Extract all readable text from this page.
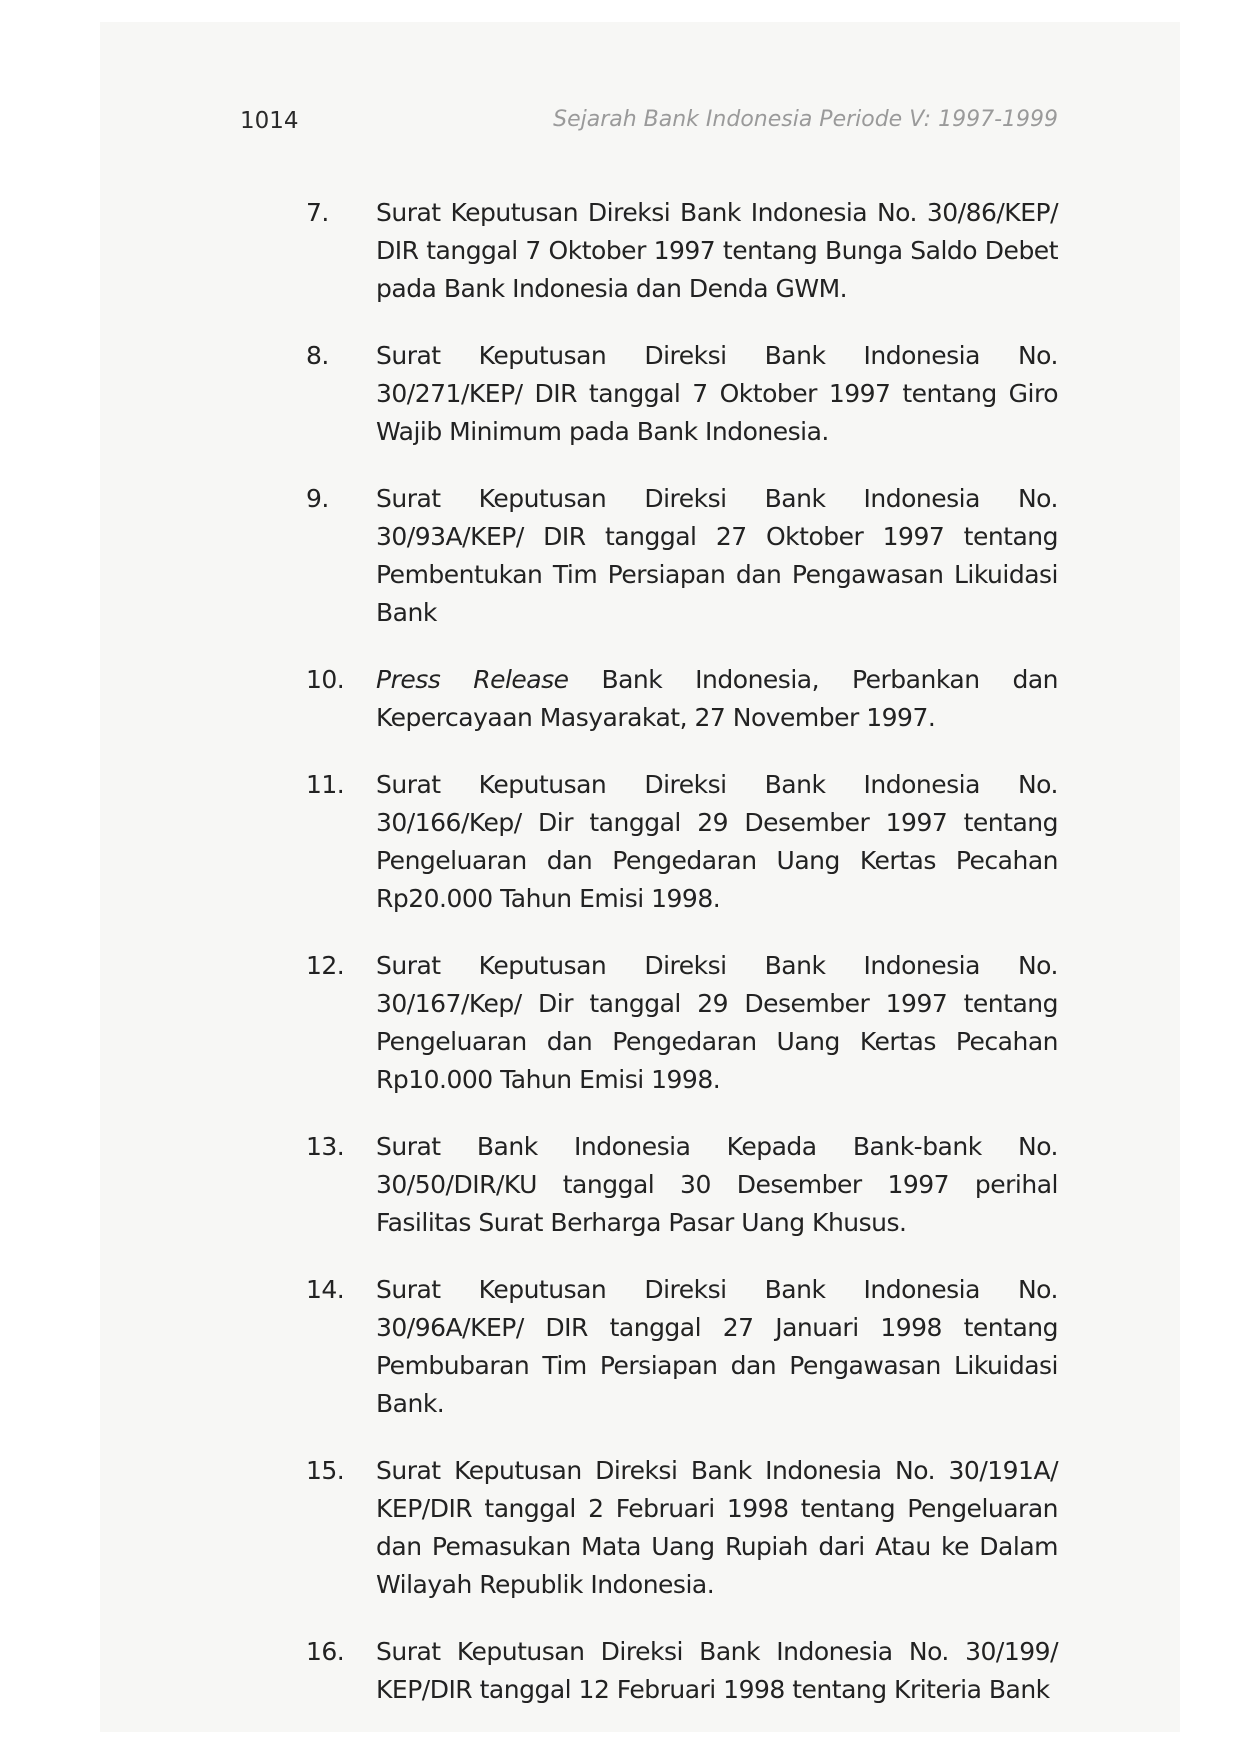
1014	Sejarah Bank Indonesia Periode V: 1997-1999
7.	Surat Keputusan Direksi Bank Indonesia No. 30/86/KEP/ DIR tanggal 7 Oktober 1997 tentang Bunga Saldo Debet pada Bank Indonesia dan Denda GWM.
8.	Surat Keputusan Direksi Bank Indonesia No. 30/271/KEP/ DIR tanggal 7 Oktober 1997 tentang Giro Wajib Minimum pada Bank Indonesia.
9.	Surat Keputusan Direksi Bank Indonesia No. 30/93A/KEP/ DIR tanggal 27 Oktober 1997 tentang Pembentukan Tim Persiapan dan Pengawasan Likuidasi Bank
10.	Press Release Bank Indonesia, Perbankan dan Kepercayaan Masyarakat, 27 November 1997.
11.	Surat Keputusan Direksi Bank Indonesia No. 30/166/Kep/ Dir tanggal 29 Desember 1997 tentang Pengeluaran dan Pengedaran Uang Kertas Pecahan Rp20.000 Tahun Emisi 1998.
12.	Surat Keputusan Direksi Bank Indonesia No. 30/167/Kep/ Dir tanggal 29 Desember 1997 tentang Pengeluaran dan Pengedaran Uang Kertas Pecahan Rp10.000 Tahun Emisi 1998.
13.	Surat Bank Indonesia Kepada Bank-bank No. 30/50/DIR/KU tanggal 30 Desember 1997 perihal Fasilitas Surat Berharga Pasar Uang Khusus.
14.	Surat Keputusan Direksi Bank Indonesia No. 30/96A/KEP/ DIR tanggal 27 Januari 1998 tentang Pembubaran Tim Persiapan dan Pengawasan Likuidasi Bank.
15.	Surat Keputusan Direksi Bank Indonesia No. 30/191A/ KEP/DIR tanggal 2 Februari 1998 tentang Pengeluaran dan Pemasukan Mata Uang Rupiah dari Atau ke Dalam Wilayah Republik Indonesia.
16.	Surat Keputusan Direksi Bank Indonesia No. 30/199/ KEP/DIR tanggal 12 Februari 1998 tentang Kriteria Bank
